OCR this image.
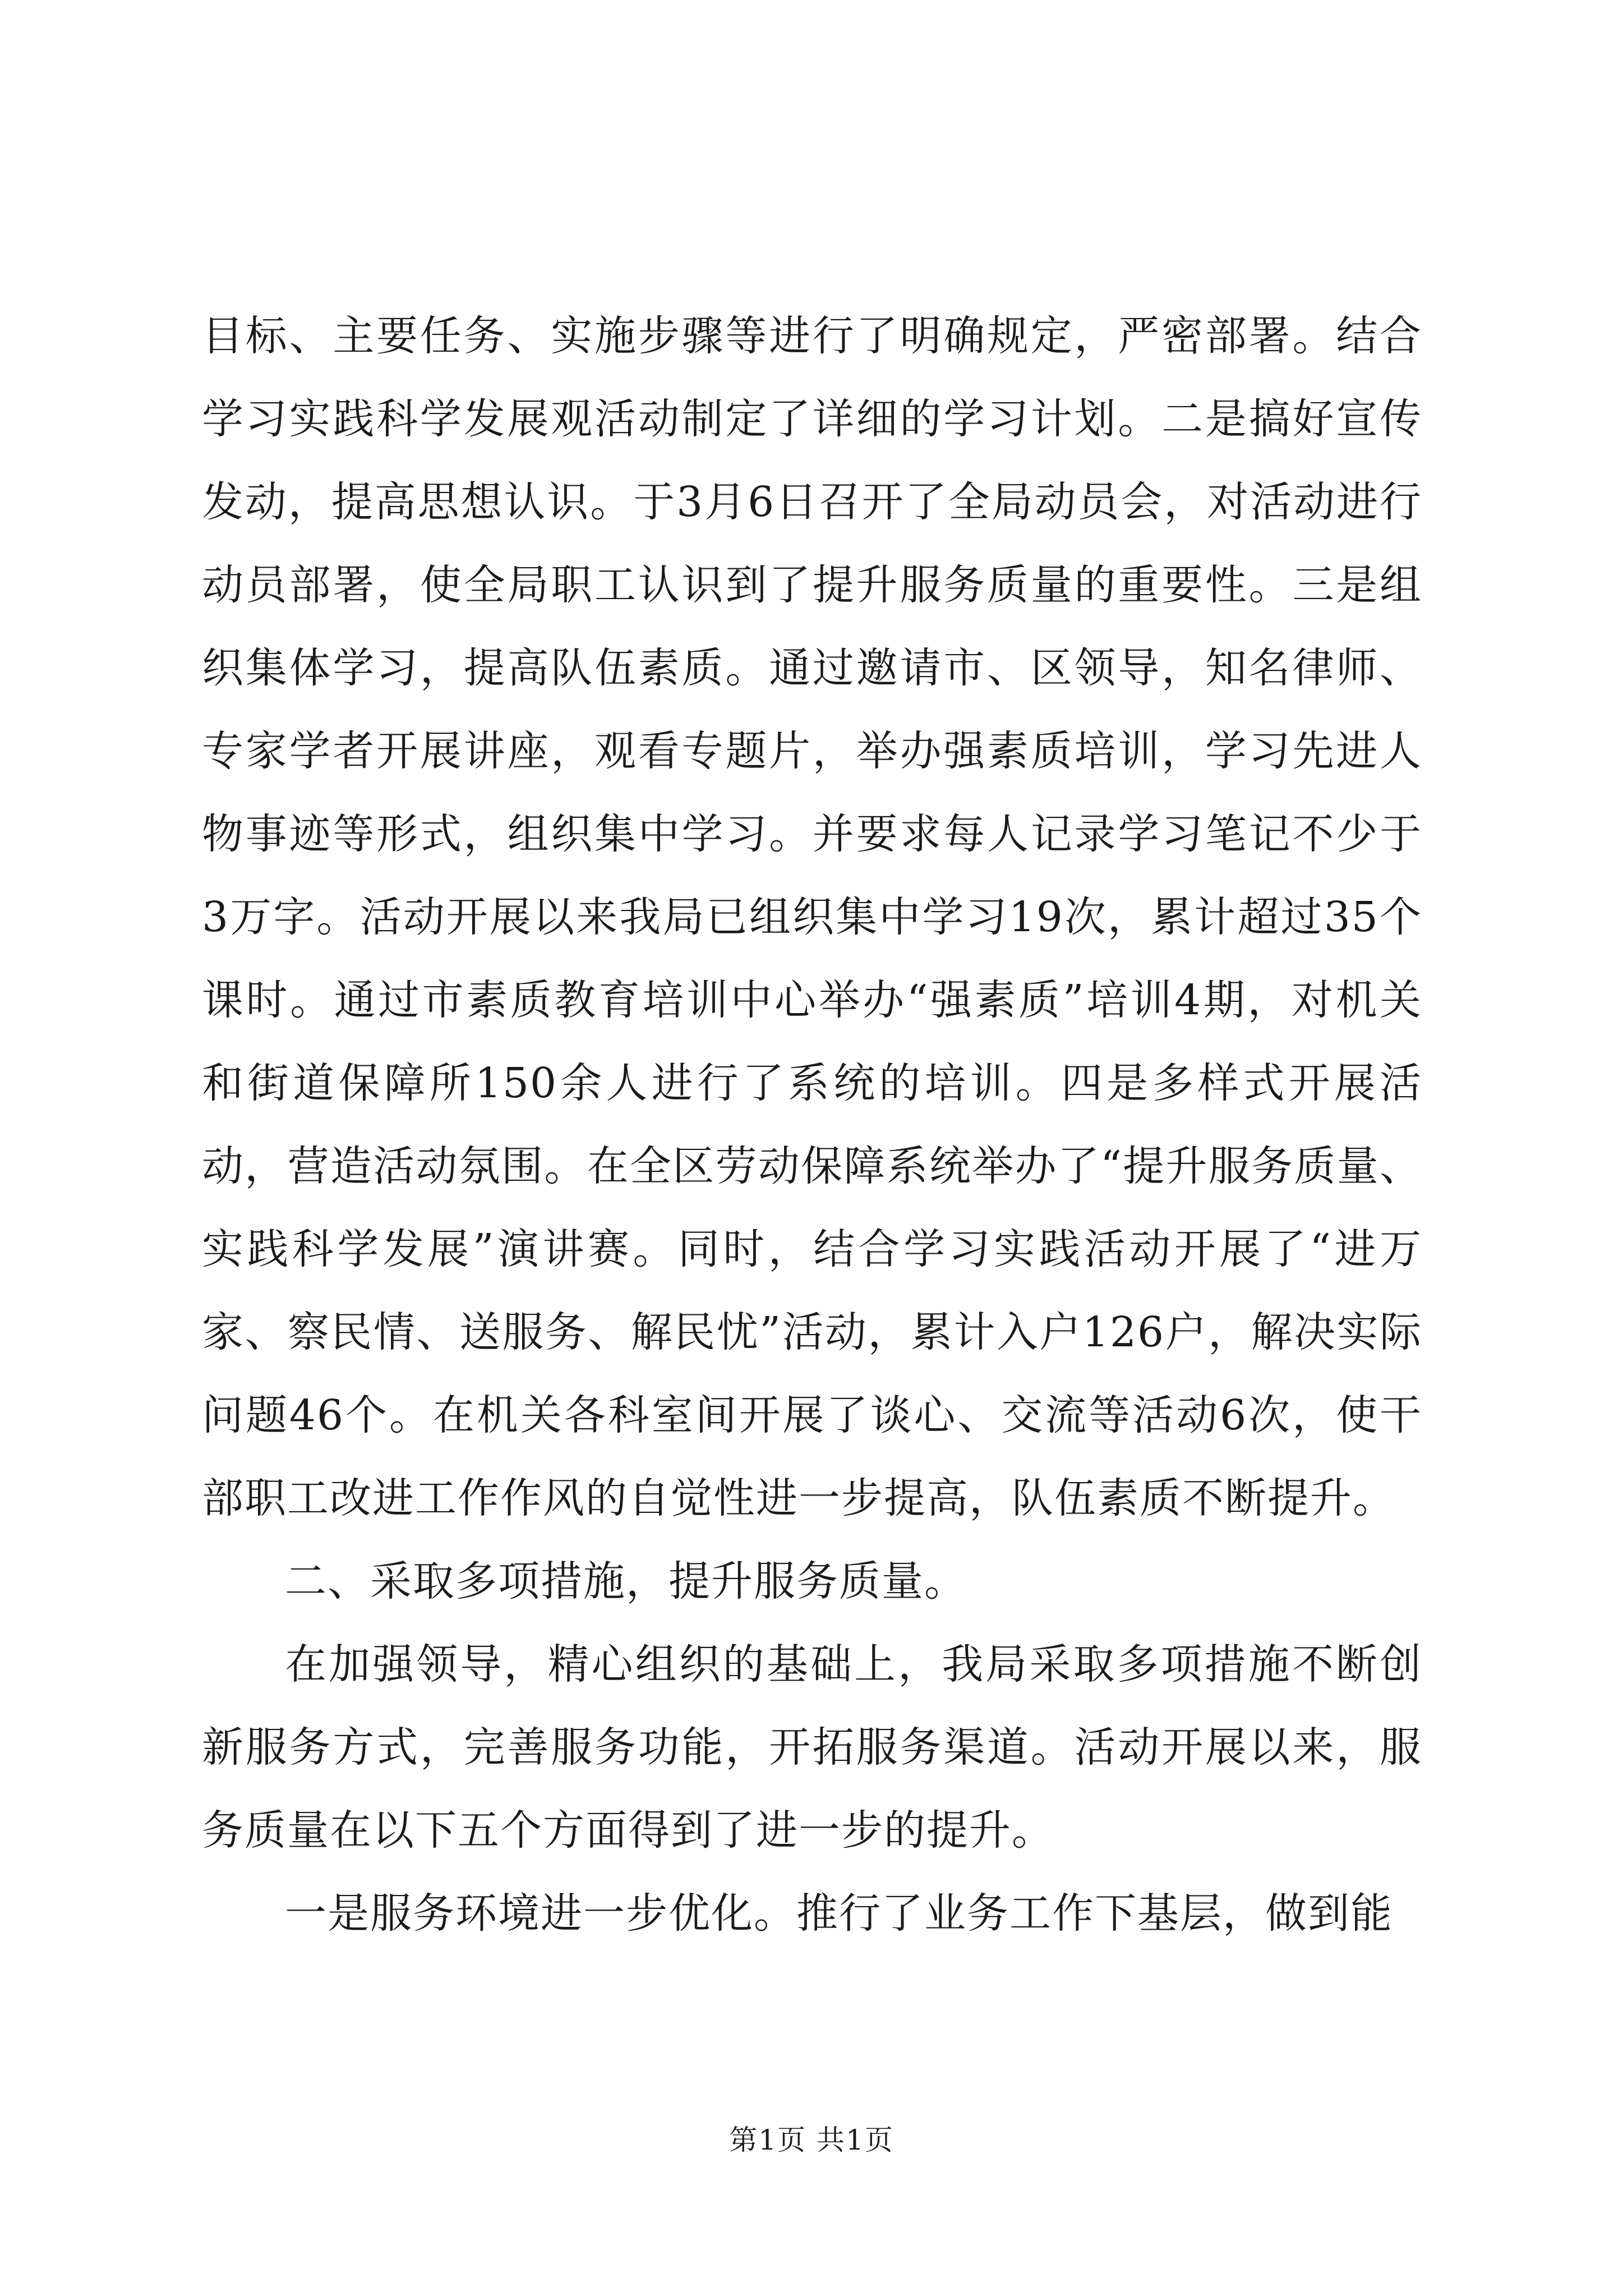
目标、主要任务、实施步骤等进行了明确规定，严密部署。结合学习实践科学发展观活动制定了详细的学习计划。二是搞好宣传发动，提高思想认识。于3月6日召开了全局动员会，对活动进行动员部署，使全局职工认识到了提升服务质量的重要性。三是组织集体学习，提高队伍素质。通过邀请市、区领导，知名律师、专家学者开展讲座，观看专题片，举办强素质培训，学习先进人物事迹等形式，组织集中学习。并要求每人记录学习笔记不少于3万字。活动开展以来我局已组织集中学习19次，累计超过35个课时。通过市素质教育培训中心举办“强素质”培训4期，对机关和街道保障所150余人进行了系统的培训。四是多样式开展活动，营造活动氛围。在全区劳动保障系统举办了“提升服务质量、实践科学发展”演讲赛。同时，结合学习实践活动开展了“进万家、察民情、送服务、解民忧”活动，累计入户126户，解决实际问题46个。在机关各科室间开展了谈心、交流等活动6次，使干部职工改进工作作风的自觉性进一步提高，队伍素质不断提升。

二、采取多项措施，提升服务质量。

在加强领导，精心组织的基础上，我局采取多项措施不断创新服务方式，完善服务功能，开拓服务渠道。活动开展以来，服务质量在以下五个方面得到了进一步的提升。

一是服务环境进一步优化。推行了业务工作下基层，做到能

第1页 共1页
